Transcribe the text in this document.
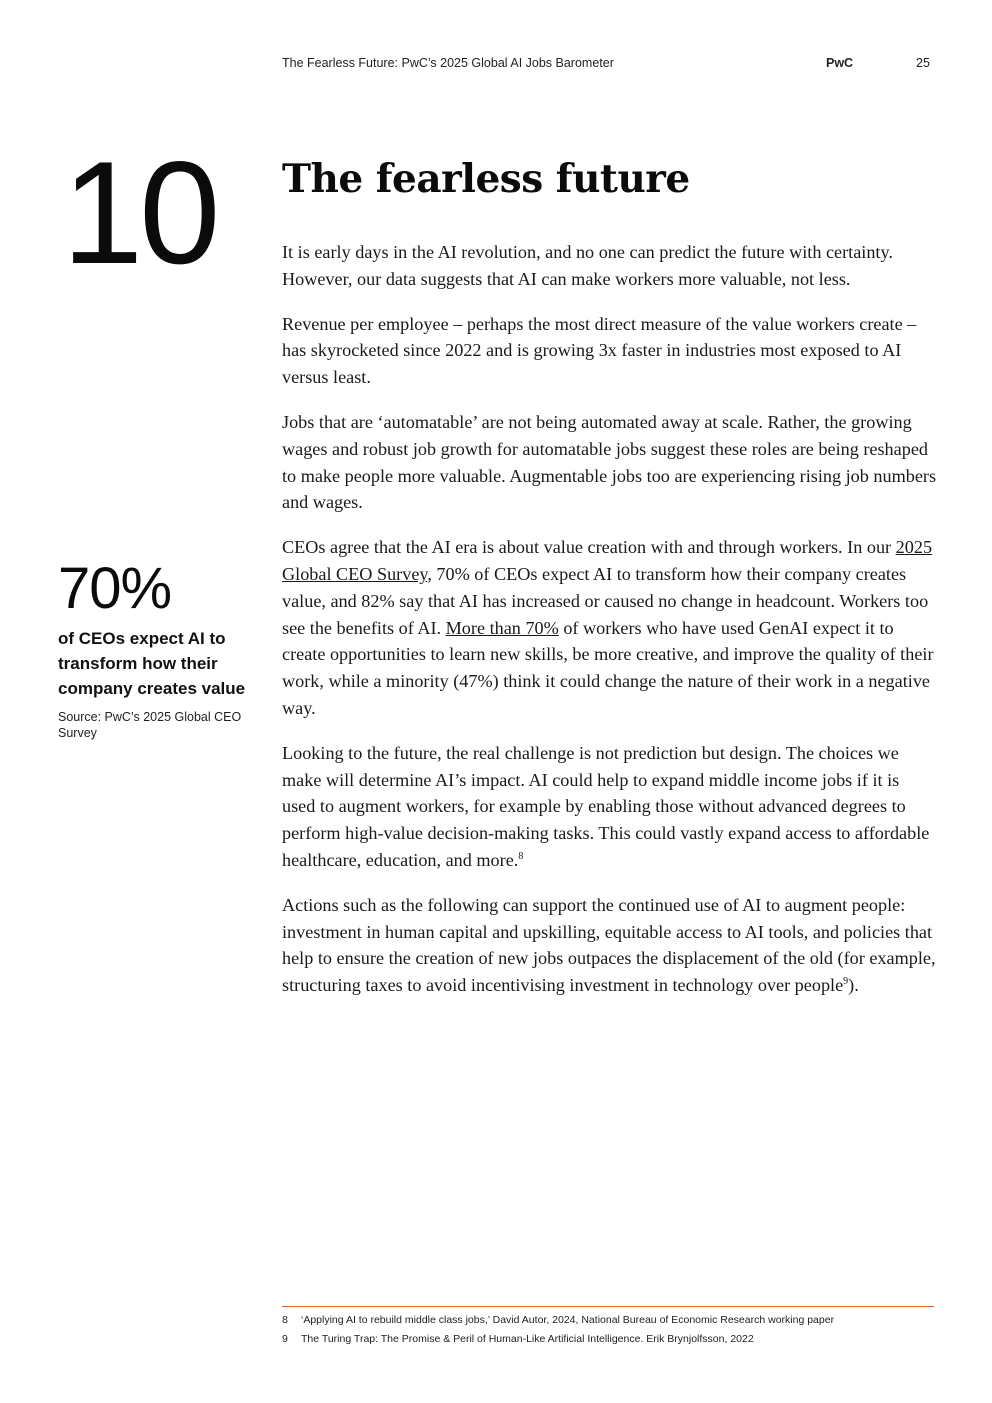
The Fearless Future: PwC’s 2025 Global AI Jobs Barometer	PwC	25
10 The fearless future

It is early days in the AI revolution, and no one can predict the future with certainty. However, our data suggests that AI can make workers more valuable, not less.

Revenue per employee – perhaps the most direct measure of the value workers create – has skyrocketed since 2022 and is growing 3x faster in industries most exposed to AI versus least.

Jobs that are ‘automatable’ are not being automated away at scale. Rather, the growing wages and robust job growth for automatable jobs suggest these roles are being reshaped to make people more valuable. Augmentable jobs too are experiencing rising job numbers and wages.

CEOs agree that the AI era is about value creation with and through workers. In our 2025 Global CEO Survey, 70% of CEOs expect AI to transform how their company creates value, and 82% say that AI has increased or caused no change in headcount. Workers too see the benefits of AI. More than 70% of workers who have used GenAI expect it to create opportunities to learn new skills, be more creative, and improve the quality of their work, while a minority (47%) think it could change the nature of their work in a negative way.

Looking to the future, the real challenge is not prediction but design. The choices we make will determine AI’s impact. AI could help to expand middle income jobs if it is used to augment workers, for example by enabling those without advanced degrees to perform high-value decision-making tasks. This could vastly expand access to affordable healthcare, education, and more.$^8$

Actions such as the following can support the continued use of AI to augment people: investment in human capital and upskilling, equitable access to AI tools, and policies that help to ensure the creation of new jobs outpaces the displacement of the old (for example, structuring taxes to avoid incentivising investment in technology over people$^9$).

70%
of CEOs expect AI to transform how their company creates value
Source: PwC’s 2025 Global CEO Survey
8 ‘Applying AI to rebuild middle class jobs,’ David Autor, 2024, National Bureau of Economic Research working paper
9 The Turing Trap: The Promise & Peril of Human-Like Artificial Intelligence. Erik Brynjolfsson, 2022
